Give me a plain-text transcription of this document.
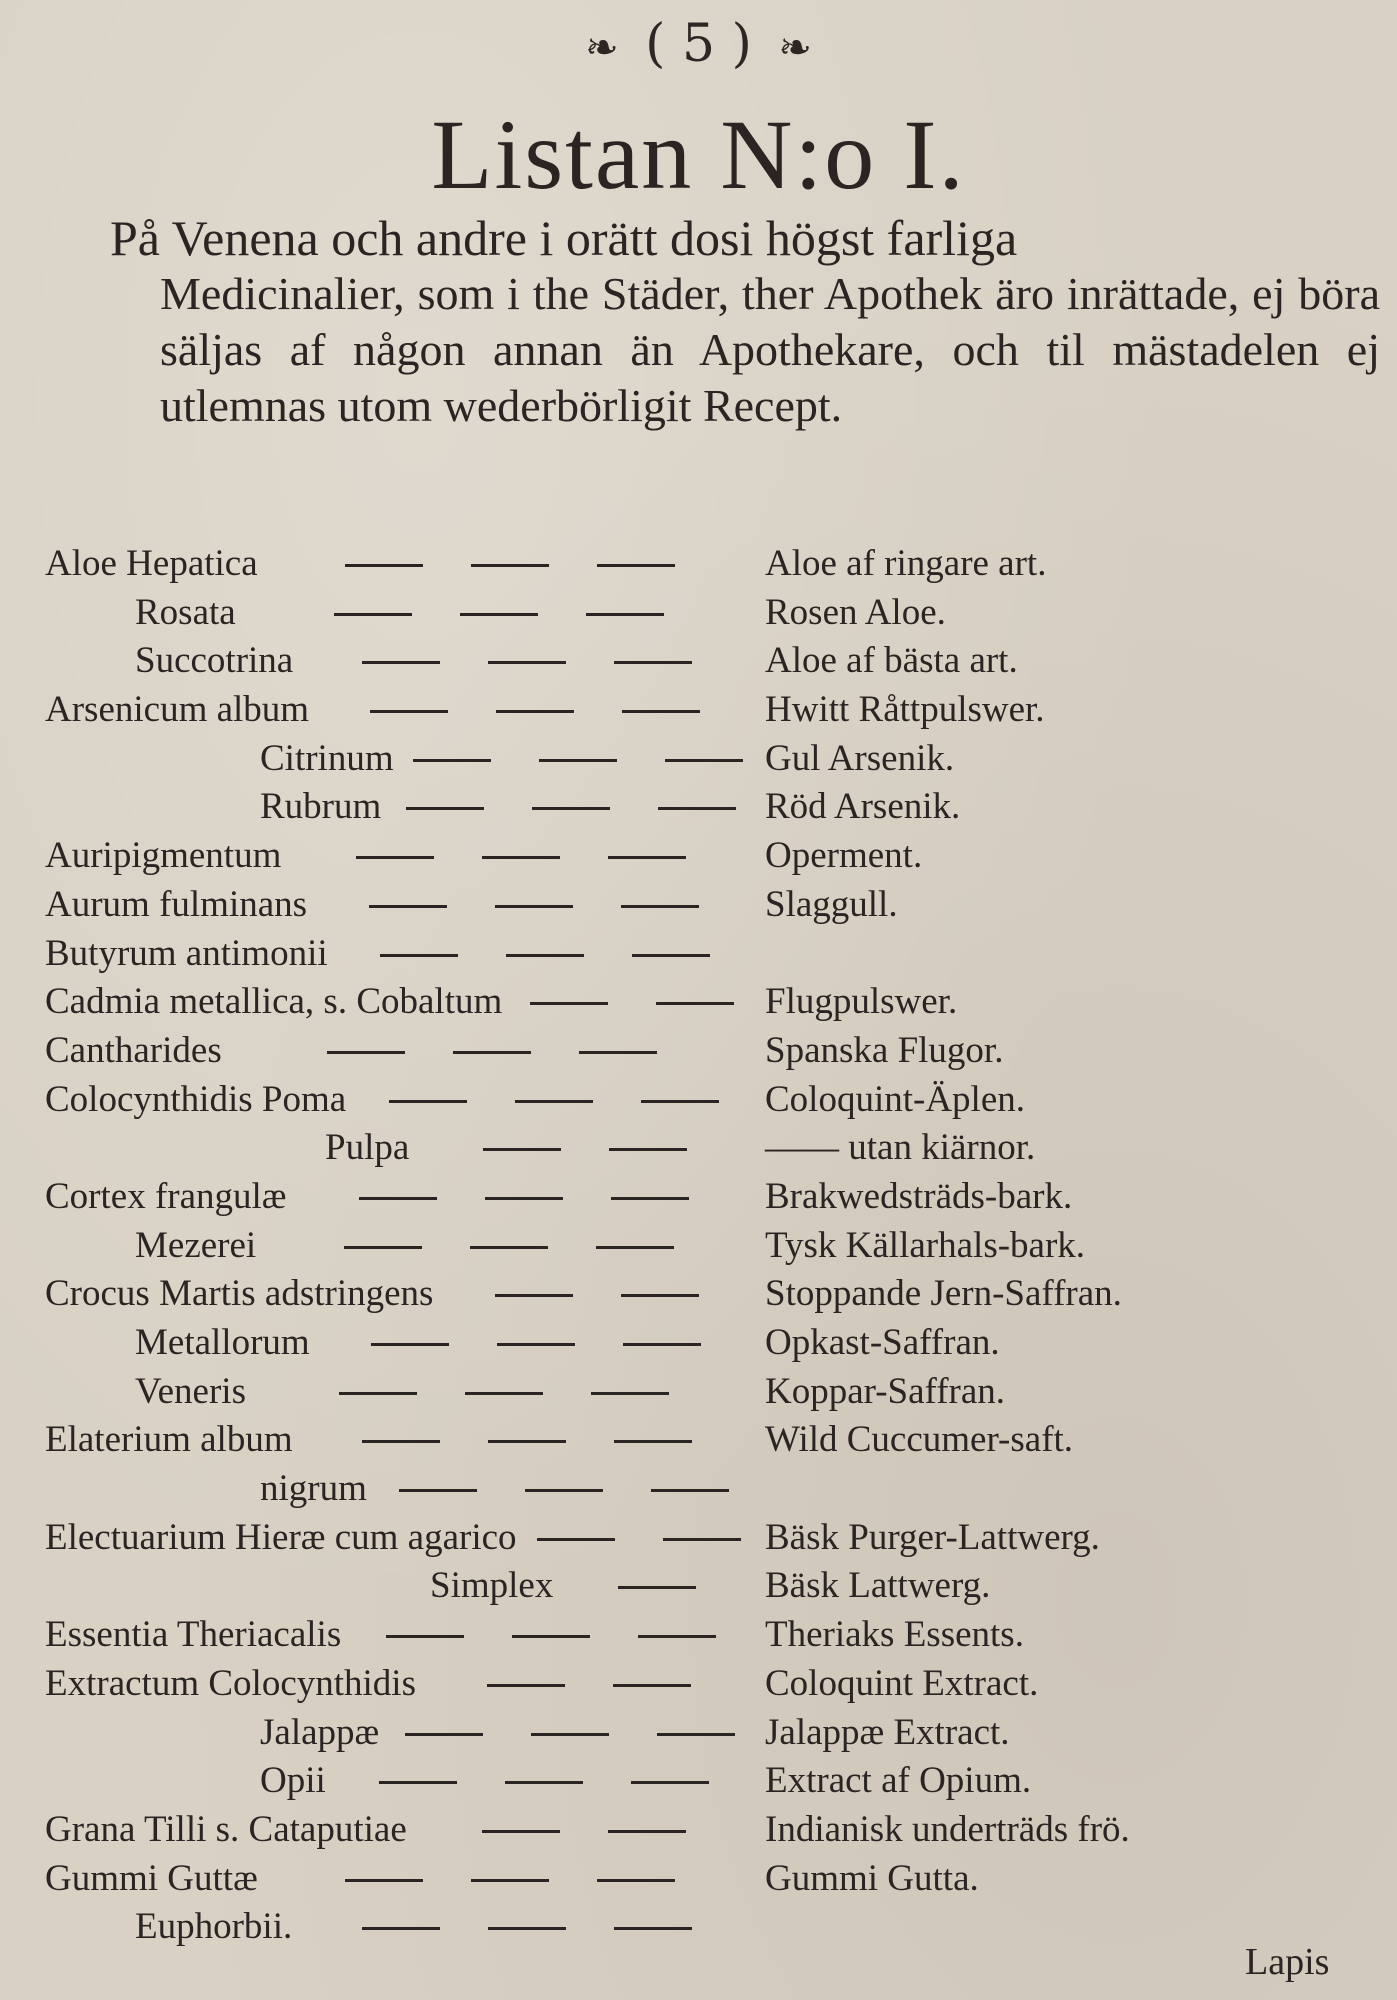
❧ ( 5 ) ❧
Listan N:o I.
På Venena och andre i orätt dosi högst farliga
Medicinalier, som i the Städer, ther Apothek äro inrättade, ej böra säljas af någon annan än Apothekare, och til mästadelen ej utlemnas utom wederbörligit Recept.
Aloe Hepatica	Aloe af ringare art.
Rosata	Rosen Aloe.
Succotrina	Aloe af bästa art.
Arsenicum album	Hwitt Råttpulswer.
Citrinum	Gul Arsenik.
Rubrum	Röd Arsenik.
Auripigmentum	Operment.
Aurum fulminans	Slaggull.
Butyrum antimonii
Cadmia metallica, s. Cobaltum	Flugpulswer.
Cantharides	Spanska Flugor.
Colocynthidis Poma	Coloquint-Äplen.
Pulpa	—— utan kiärnor.
Cortex frangulæ	Brakwedsträds-bark.
Mezerei	Tysk Källarhals-bark.
Crocus Martis adstringens	Stoppande Jern-Saffran.
Metallorum	Opkast-Saffran.
Veneris	Koppar-Saffran.
Elaterium album	Wild Cuccumer-saft.
nigrum
Electuarium Hieræ cum agarico	Bäsk Purger-Lattwerg.
Simplex	Bäsk Lattwerg.
Essentia Theriacalis	Theriaks Essents.
Extractum Colocynthidis	Coloquint Extract.
Jalappæ	Jalappæ Extract.
Opii	Extract af Opium.
Grana Tilli s. Cataputiae	Indianisk underträds frö.
Gummi Guttæ	Gummi Gutta.
Euphorbii.
Lapis
